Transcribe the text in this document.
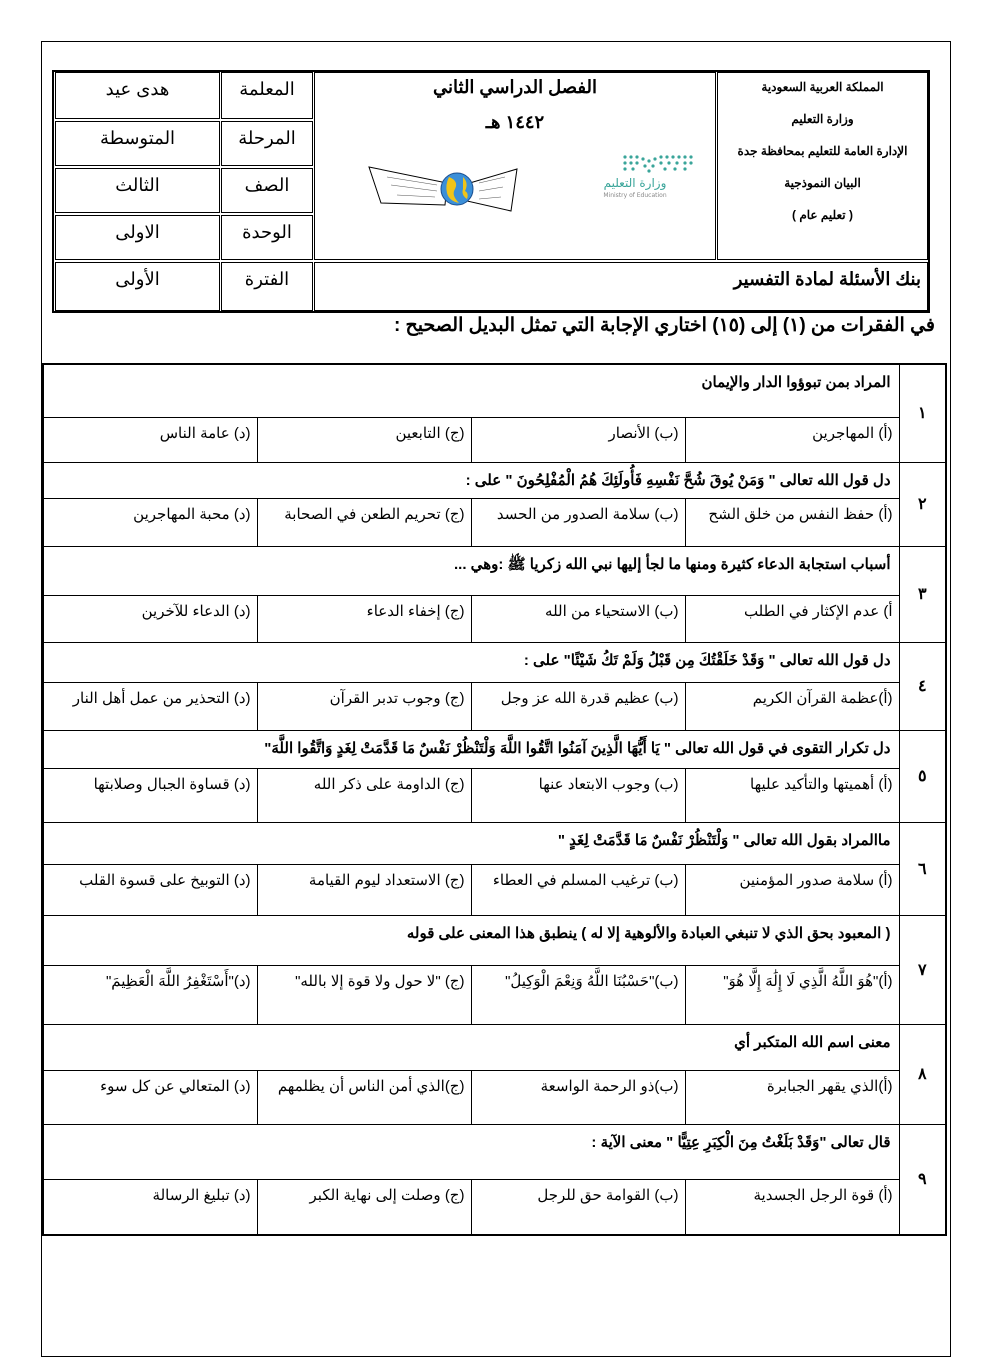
المملكة العربية السعودية
وزارة التعليم
الإدارة العامة للتعليم بمحافظة جدة
البيان النموذجية
( تعليم عام )
الفصل الدراسي الثاني
١٤٤٢ هـ
وزارة التعليم
Ministry of Education
المعلمة
هدى عيد
المرحلة
المتوسطة
الصف
الثالث
الوحدة
الاولى
الفترة
الأولى	بنك الأسئلة لمادة التفسير
في الفقرات من (١) إلى (١٥) اختاري الإجابة التي تمثل البديل الصحيح :
١	المراد بمن تبوؤوا الدار والإيمان			
	(أ) المهاجرين	(ب) الأنصار	(ج) التابعين	(د) عامة الناس
٢	دل قول الله تعالى " وَمَنْ يُوقَ شُحَّ نَفْسِهِ فَأُولَئِكَ هُمُ الْمُفْلِحُونَ " على :			
	(أ) حفظ النفس من خلق الشح	(ب) سلامة الصدور من الحسد	(ج) تحريم الطعن في الصحابة	(د) محبة المهاجرين
٣	أسباب استجابة الدعاء كثيرة ومنها ما لجأ إليها نبي الله زكريا ﷺ :وهي ...			
	أ) عدم الإكثار في الطلب	(ب) الاستحياء من الله	(ج) إخفاء الدعاء	(د) الدعاء للآخرين
٤	دل قول الله تعالى " وَقَدْ خَلَقْتُكَ مِن قَبْلُ وَلَمْ تَكُ شَيْئًا" على :			
	(أ)عظمة القرآن الكريم	(ب) عظيم قدرة الله عز وجل	(ج) وجوب تدبر القرآن	(د) التحذير من عمل أهل النار
٥	دل تكرار التقوى في قول الله تعالى " يَا أَيُّهَا الَّذِينَ آمَنُوا اتَّقُوا اللَّهَ وَلْتَنْظُرْ نَفْسٌ مَا قَدَّمَتْ لِغَدٍ وَاتَّقُوا اللَّهَ"			
	(أ) أهميتها والتأكيد عليها	(ب) وجوب الابتعاد عنها	(ج) الداومة على ذكر الله	(د) قساوة الجبال وصلابتها
٦	ماالمراد بقول الله تعالى " وَلْتَنْظُرْ نَفْسٌ مَا قَدَّمَتْ لِغَدٍ "			
	(أ) سلامة صدور المؤمنين	(ب) ترغيب المسلم في العطاء	(ج) الاستعداد ليوم القيامة	(د) التوبيخ على قسوة القلب
٧	( المعبود بحق الذي لا تنبغي العبادة والألوهية إلا له ) ينطبق هذا المعنى على قوله			
	(أ)"هُوَ اللَّهُ الَّذِي لَا إِلَٰهَ إِلَّا هُوَ"	(ب)"حَسْبُنَا اللَّهُ وَنِعْمَ الْوَكِيلُ"	(ج) "لا حول ولا قوة إلا بالله"	(د)"أَسْتَغْفِرُ اللَّهَ الْعَظِيمَ"
٨	معنى اسم الله المتكبر أي			
	(أ)الذي يقهر الجبابرة	(ب)ذو الرحمة الواسعة	(ج)الذي أمن الناس أن يظلمهم	(د) المتعالي عن كل سوء
٩	قال تعالى "وَقَدْ بَلَغْتُ مِنَ الْكِبَرِ عِتِيًّا " معنى الآية :			
	(أ) قوة الرجل الجسدية	(ب) القوامة حق للرجل	(ج) وصلت إلى نهاية الكبر	(د) تبليغ الرسالة
